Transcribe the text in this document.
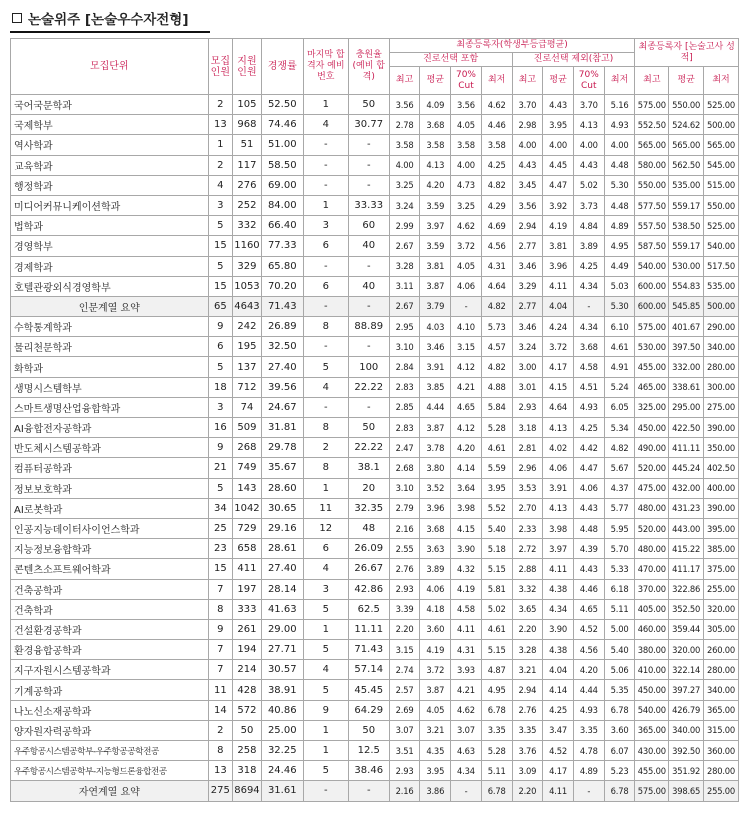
논술위주 [논술우수자전형]
모집단위	모집 인원	지원 인원	경쟁률	마지막 합격자 예비번호	충원율 (예비 합격)	최종등록자(학생부등급평균)								최종등록자 [논술고사 성적]		
						진로선택 포함				진로선택 제외(참고)						
						최고	평균	70% Cut	최저	최고	평균	70% Cut	최저	최고	평균	최저
국어국문학과	2	105	52.50	1	50	3.56	4.09	3.56	4.62	3.70	4.43	3.70	5.16	575.00	550.00	525.00
국제학부	13	968	74.46	4	30.77	2.78	3.68	4.05	4.46	2.98	3.95	4.13	4.93	552.50	524.62	500.00
역사학과	1	51	51.00	-	-	3.58	3.58	3.58	3.58	4.00	4.00	4.00	4.00	565.00	565.00	565.00
교육학과	2	117	58.50	-	-	4.00	4.13	4.00	4.25	4.43	4.45	4.43	4.48	580.00	562.50	545.00
행정학과	4	276	69.00	-	-	3.25	4.20	4.73	4.82	3.45	4.47	5.02	5.30	550.00	535.00	515.00
미디어커뮤니케이션학과	3	252	84.00	1	33.33	3.24	3.59	3.25	4.29	3.56	3.92	3.73	4.48	577.50	559.17	550.00
법학과	5	332	66.40	3	60	2.99	3.97	4.62	4.69	2.94	4.19	4.84	4.89	557.50	538.50	525.00
경영학부	15	1160	77.33	6	40	2.67	3.59	3.72	4.56	2.77	3.81	3.89	4.95	587.50	559.17	540.00
경제학과	5	329	65.80	-	-	3.28	3.81	4.05	4.31	3.46	3.96	4.25	4.49	540.00	530.00	517.50
호텔관광외식경영학부	15	1053	70.20	6	40	3.11	3.87	4.06	4.64	3.29	4.11	4.34	5.03	600.00	554.83	535.00
인문계열 요약	65	4643	71.43	-	-	2.67	3.79	-	4.82	2.77	4.04	-	5.30	600.00	545.85	500.00
수학통계학과	9	242	26.89	8	88.89	2.95	4.03	4.10	5.73	3.46	4.24	4.34	6.10	575.00	401.67	290.00
물리천문학과	6	195	32.50	-	-	3.10	3.46	3.15	4.57	3.24	3.72	3.68	4.61	530.00	397.50	340.00
화학과	5	137	27.40	5	100	2.84	3.91	4.12	4.82	3.00	4.17	4.58	4.91	455.00	332.00	280.00
생명시스템학부	18	712	39.56	4	22.22	2.83	3.85	4.21	4.88	3.01	4.15	4.51	5.24	465.00	338.61	300.00
스마트생명산업융합학과	3	74	24.67	-	-	2.85	4.44	4.65	5.84	2.93	4.64	4.93	6.05	325.00	295.00	275.00
AI융합전자공학과	16	509	31.81	8	50	2.83	3.87	4.12	5.28	3.18	4.13	4.25	5.34	450.00	422.50	390.00
반도체시스템공학과	9	268	29.78	2	22.22	2.47	3.78	4.20	4.61	2.81	4.02	4.42	4.82	490.00	411.11	350.00
컴퓨터공학과	21	749	35.67	8	38.1	2.68	3.80	4.14	5.59	2.96	4.06	4.47	5.67	520.00	445.24	402.50
정보보호학과	5	143	28.60	1	20	3.10	3.52	3.64	3.95	3.53	3.91	4.06	4.37	475.00	432.00	400.00
AI로봇학과	34	1042	30.65	11	32.35	2.79	3.96	3.98	5.52	2.70	4.13	4.43	5.77	480.00	431.23	390.00
인공지능데이터사이언스학과	25	729	29.16	12	48	2.16	3.68	4.15	5.40	2.33	3.98	4.48	5.95	520.00	443.00	395.00
지능정보융합학과	23	658	28.61	6	26.09	2.55	3.63	3.90	5.18	2.72	3.97	4.39	5.70	480.00	415.22	385.00
콘텐츠소프트웨어학과	15	411	27.40	4	26.67	2.76	3.89	4.32	5.15	2.88	4.11	4.43	5.33	470.00	411.17	375.00
건축공학과	7	197	28.14	3	42.86	2.93	4.06	4.19	5.81	3.32	4.38	4.46	6.18	370.00	322.86	255.00
건축학과	8	333	41.63	5	62.5	3.39	4.18	4.58	5.02	3.65	4.34	4.65	5.11	405.00	352.50	320.00
건설환경공학과	9	261	29.00	1	11.11	2.20	3.60	4.11	4.61	2.20	3.90	4.52	5.00	460.00	359.44	305.00
환경융합공학과	7	194	27.71	5	71.43	3.15	4.19	4.31	5.15	3.28	4.38	4.56	5.40	380.00	320.00	260.00
지구자원시스템공학과	7	214	30.57	4	57.14	2.74	3.72	3.93	4.87	3.21	4.04	4.20	5.06	410.00	322.14	280.00
기계공학과	11	428	38.91	5	45.45	2.57	3.87	4.21	4.95	2.94	4.14	4.44	5.35	450.00	397.27	340.00
나노신소재공학과	14	572	40.86	9	64.29	2.69	4.05	4.62	6.78	2.76	4.25	4.93	6.78	540.00	426.79	365.00
양자원자력공학과	2	50	25.00	1	50	3.07	3.21	3.07	3.35	3.35	3.47	3.35	3.60	365.00	340.00	315.00
우주항공시스템공학부-우주항공공학전공	8	258	32.25	1	12.5	3.51	4.35	4.63	5.28	3.76	4.52	4.78	6.07	430.00	392.50	360.00
우주항공시스템공학부-지능형드론융합전공	13	318	24.46	5	38.46	2.93	3.95	4.34	5.11	3.09	4.17	4.89	5.23	455.00	351.92	280.00
자연계열 요약	275	8694	31.61	-	-	2.16	3.86	-	6.78	2.20	4.11	-	6.78	575.00	398.65	255.00
